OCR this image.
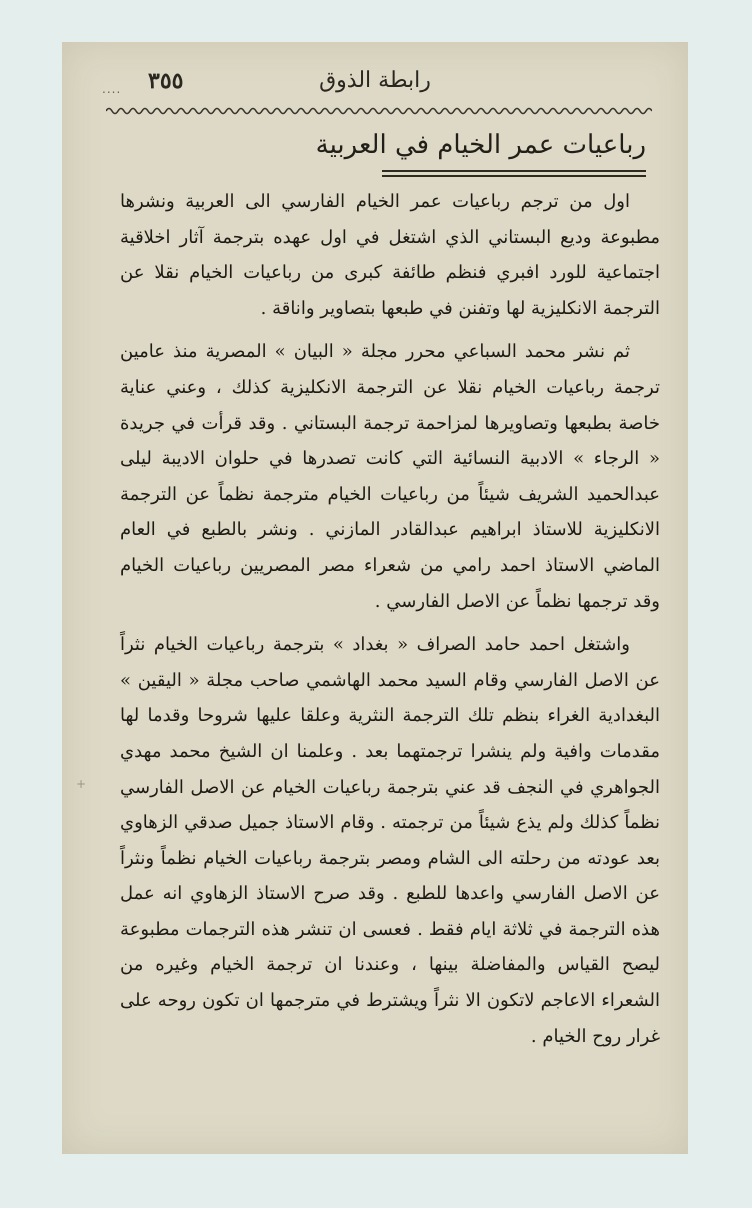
.... ٣٥٥	رابطة الذوق
رباعيات عمر الخيام في العربية

اول من ترجم رباعيات عمر الخيام الفارسي الى العربية ونشرها مطبوعة وديع البستاني الذي اشتغل في اول عهده بترجمة آثار اخلاقية اجتماعية للورد افبري فنظم طائفة كبرى من رباعيات الخيام نقلا عن الترجمة الانكليزية لها وتفنن في طبعها بتصاوير واناقة .

ثم نشر محمد السباعي محرر مجلة « البيان » المصرية منذ عامين ترجمة رباعيات الخيام نقلا عن الترجمة الانكليزية كذلك ، وعني عناية خاصة بطبعها وتصاويرها لمزاحمة ترجمة البستاني . وقد قرأت في جريدة « الرجاء » الادبية النسائية التي كانت تصدرها في حلوان الاديبة ليلى عبدالحميد الشريف شيئاً من رباعيات الخيام مترجمة نظماً عن الترجمة الانكليزية للاستاذ ابراهيم عبدالقادر المازني . ونشر بالطبع في العام الماضي الاستاذ احمد رامي من شعراء مصر المصريين رباعيات الخيام وقد ترجمها نظماً عن الاصل الفارسي .

واشتغل احمد حامد الصراف « بغداد » بترجمة رباعيات الخيام نثراً عن الاصل الفارسي وقام السيد محمد الهاشمي صاحب مجلة « اليقين » البغدادية الغراء بنظم تلك الترجمة النثرية وعلقا عليها شروحا وقدما لها مقدمات وافية ولم ينشرا ترجمتهما بعد . وعلمنا ان الشيخ محمد مهدي الجواهري في النجف قد عني بترجمة رباعيات الخيام عن الاصل الفارسي نظماً كذلك ولم يذع شيئاً من ترجمته . وقام الاستاذ جميل صدقي الزهاوي بعد عودته من رحلته الى الشام ومصر بترجمة رباعيات الخيام نظماً ونثراً عن الاصل الفارسي واعدها للطبع . وقد صرح الاستاذ الزهاوي انه عمل هذه الترجمة في ثلاثة ايام فقط . فعسى ان تنشر هذه الترجمات مطبوعة ليصح القياس والمفاضلة بينها ، وعندنا ان ترجمة الخيام وغيره من الشعراء الاعاجم لاتكون الا نثراً ويشترط في مترجمها ان تكون روحه على غرار روح الخيام .

+
